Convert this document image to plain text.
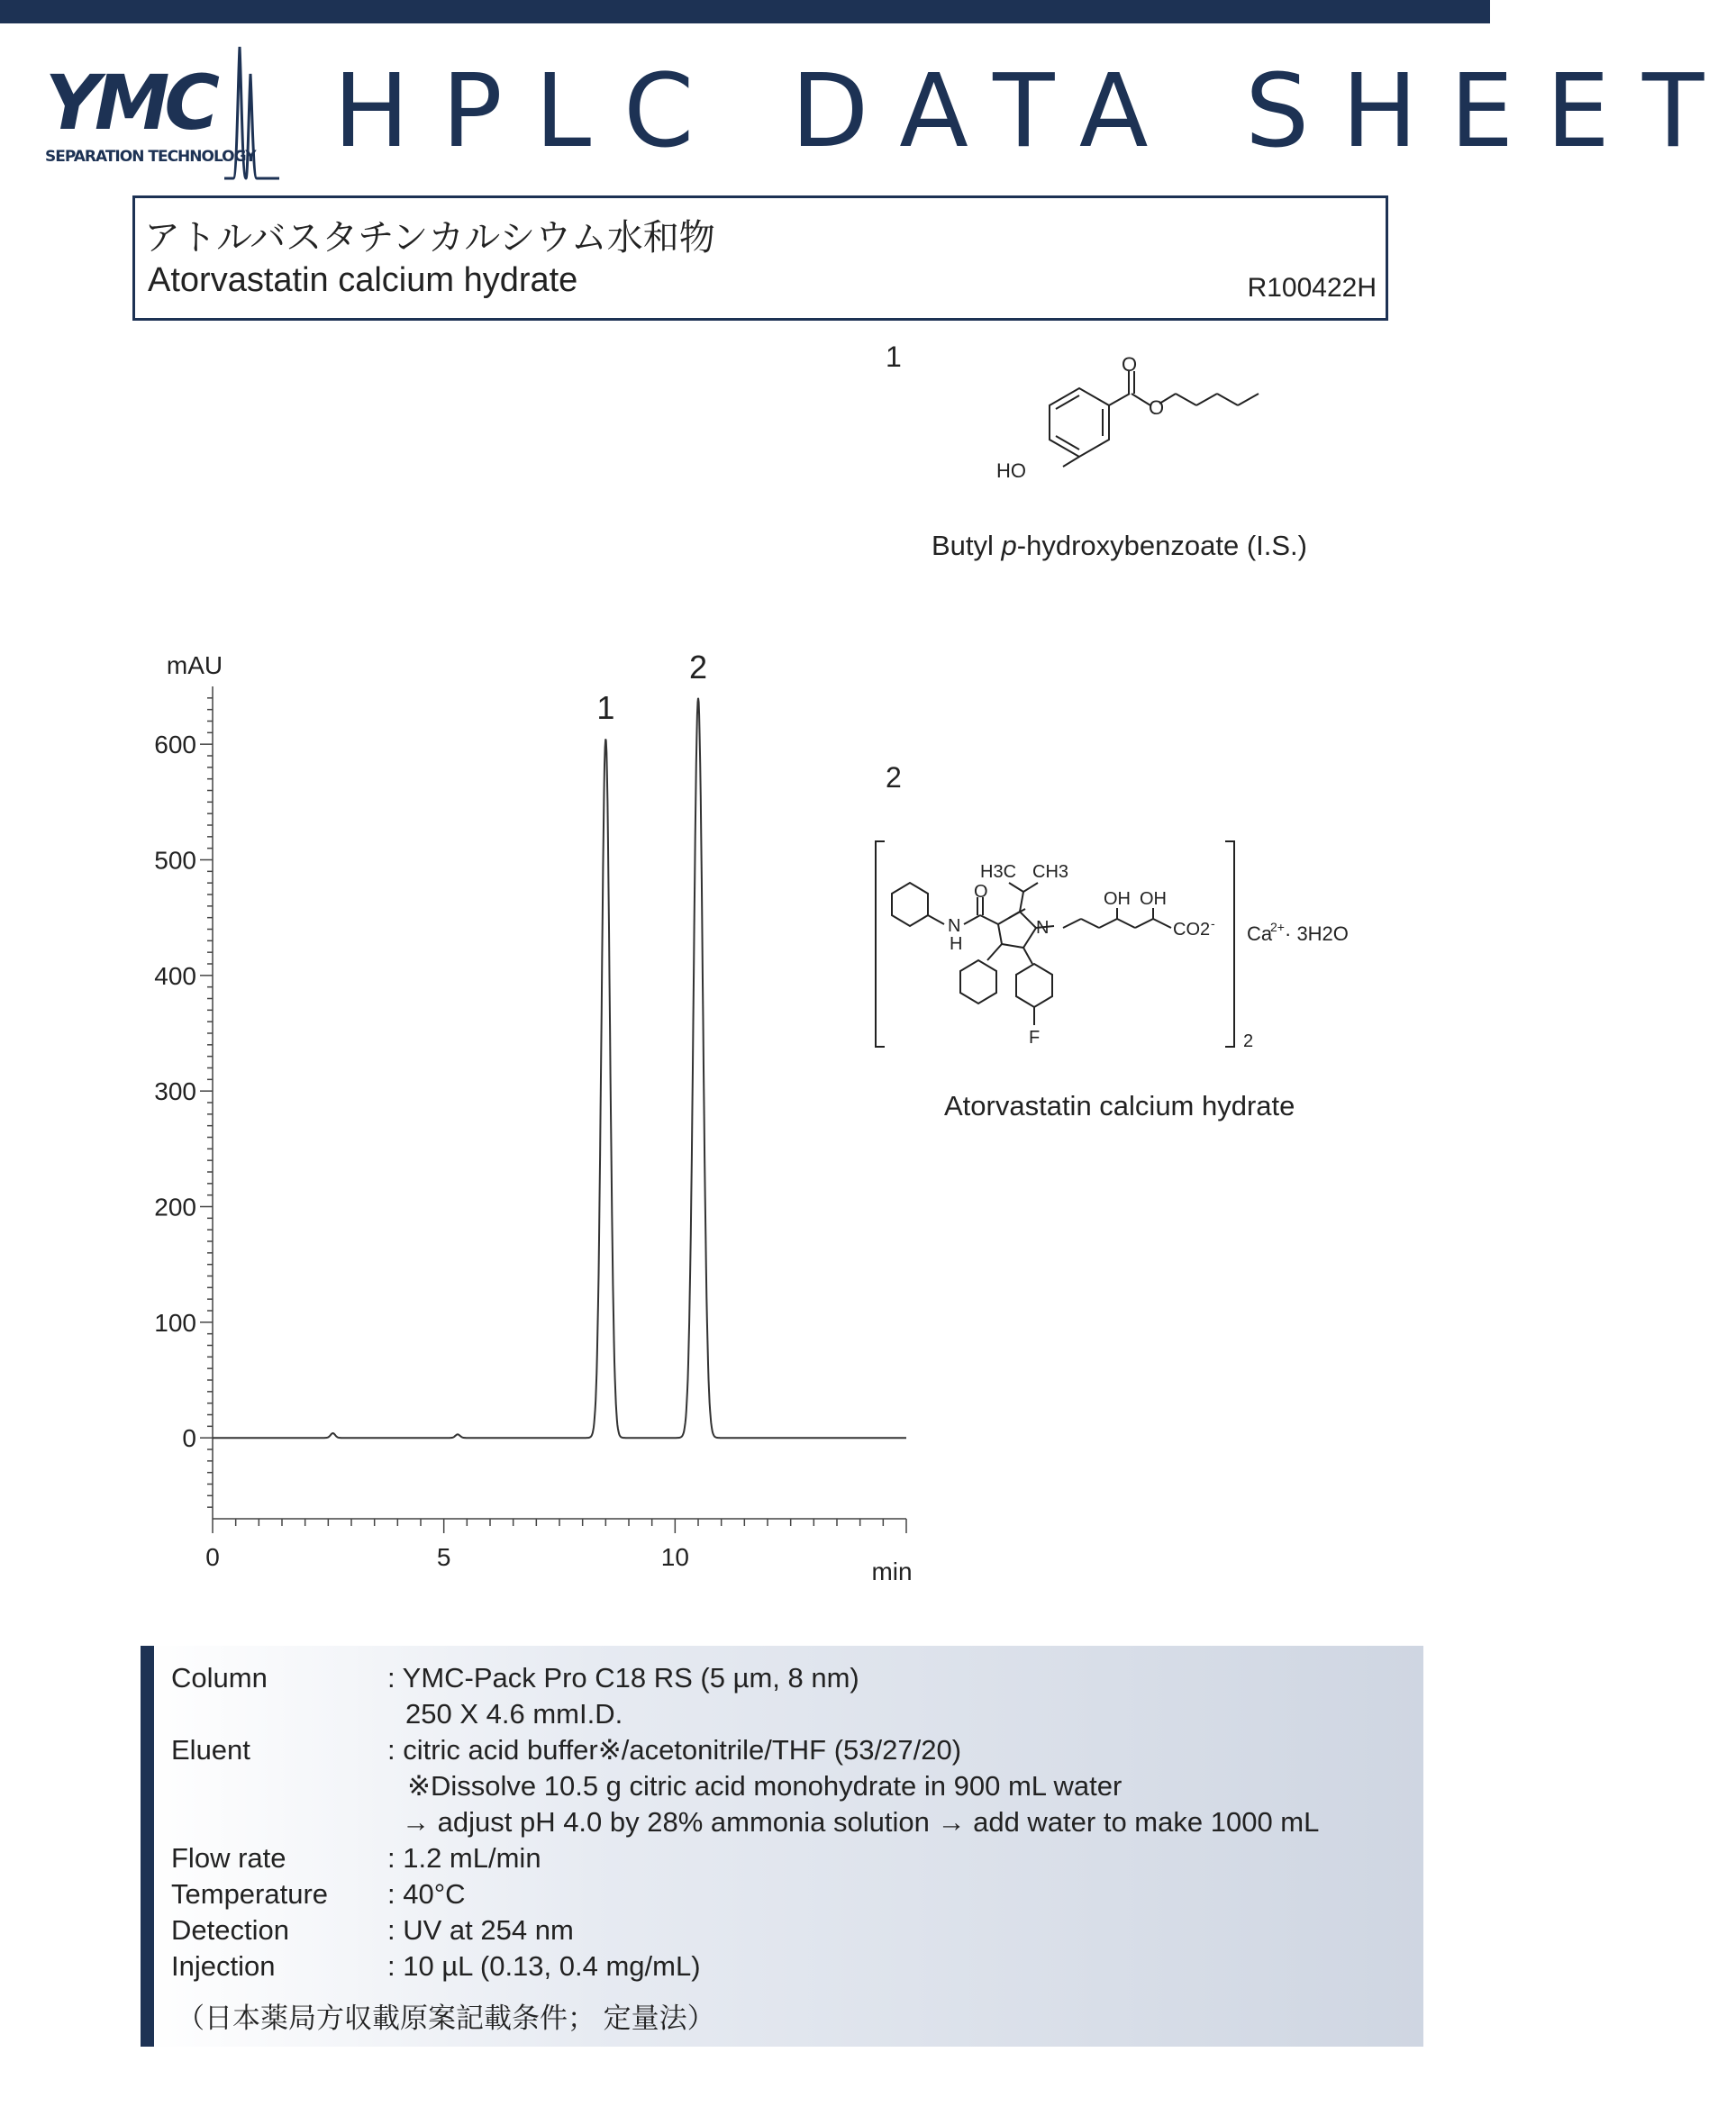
YMC
SEPARATION TECHNOLOGY HPLC DATA SHEET
アトルバスタチンカルシウム水和物
Atorvastatin calcium hydrate	R100422H
1	O
O
HO
Butyl p-hydroxybenzoate (I.S.)
2
H3C CH3
OH OH
CO2 -
O
N
H
N
F
Ca
2+ · 3H2O
2
Atorvastatin calcium hydrate
0
100
200
300
400
500
600
0	5	10
mAU
min
1
2
Column	: YMC-Pack Pro C18 RS (5 µm, 8 nm)
250 X 4.6 mmI.D.
Eluent	: citric acid buffer※/acetonitrile/THF (53/27/20)
※Dissolve 10.5 g citric acid monohydrate in 900 mL water
→ adjust pH 4.0 by 28% ammonia solution → add water to make 1000 mL
Flow rate	: 1.2 mL/min
Temperature : 40°C
Detection	: UV at 254 nm
Injection	: 10 µL (0.13, 0.4 mg/mL)
（日本薬局方収載原案記載条件； 定量法）
